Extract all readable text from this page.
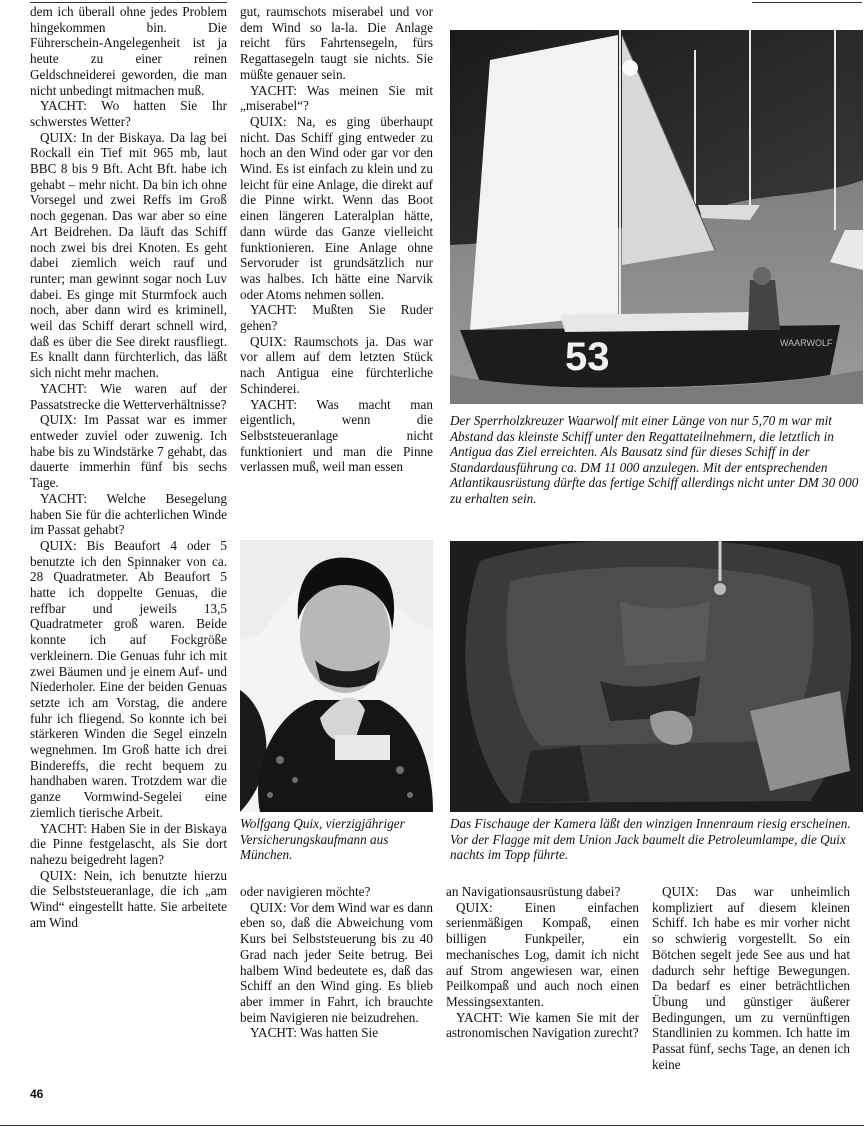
dem ich überall ohne jedes Problem hingekommen bin. Die Führerschein-Angelegenheit ist ja heute zu einer reinen Geldschneiderei geworden, die man nicht unbedingt mitmachen muß.

YACHT: Wo hatten Sie Ihr schwerstes Wetter?

QUIX: In der Biskaya. Da lag bei Rockall ein Tief mit 965 mb, laut BBC 8 bis 9 Bft. Acht Bft. habe ich gehabt – mehr nicht. Da bin ich ohne Vorsegel und zwei Reffs im Groß noch gegenan. Das war aber so eine Art Beidrehen. Da läuft das Schiff noch zwei bis drei Knoten. Es geht dabei ziemlich weich rauf und runter; man gewinnt sogar noch Luv dabei. Es ginge mit Sturmfock auch noch, aber dann wird es kriminell, weil das Schiff derart schnell wird, daß es über die See direkt rausfliegt. Es knallt dann fürchterlich, das läßt sich nicht mehr machen.

YACHT: Wie waren auf der Passatstrecke die Wetterverhältnisse?

QUIX: Im Passat war es immer entweder zuviel oder zuwenig. Ich habe bis zu Windstärke 7 gehabt, das dauerte immerhin fünf bis sechs Tage.

YACHT: Welche Besegelung haben Sie für die achterlichen Winde im Passat gehabt?

QUIX: Bis Beaufort 4 oder 5 benutzte ich den Spinnaker von ca. 28 Quadratmeter. Ab Beaufort 5 hatte ich doppelte Genuas, die reffbar und jeweils 13,5 Quadratmeter groß waren. Beide konnte ich auf Fockgröße verkleinern. Die Genuas fuhr ich mit zwei Bäumen und je einem Auf- und Niederholer. Eine der beiden Genuas setzte ich am Vorstag, die andere fuhr ich fliegend. So konnte ich bei stärkeren Winden die Segel einzeln wegnehmen. Im Groß hatte ich drei Bindereffs, die recht bequem zu handhaben waren. Trotzdem war die ganze Vormwind-Segelei eine ziemlich tierische Arbeit.

YACHT: Haben Sie in der Biskaya die Pinne festgelascht, als Sie dort nahezu beigedreht lagen?

QUIX: Nein, ich benutzte hierzu die Selbststeueranlage, die ich „am Wind“ eingestellt hatte. Sie arbeitete am Wind

gut, raumschots miserabel und vor dem Wind so la-la. Die Anlage reicht fürs Fahrtensegeln, fürs Regattasegeln taugt sie nichts. Sie müßte genauer sein.

YACHT: Was meinen Sie mit „miserabel“?

QUIX: Na, es ging überhaupt nicht. Das Schiff ging entweder zu hoch an den Wind oder gar vor den Wind. Es ist einfach zu klein und zu leicht für eine Anlage, die direkt auf die Pinne wirkt. Wenn das Boot einen längeren Lateralplan hätte, dann würde das Ganze vielleicht funktionieren. Eine Anlage ohne Servoruder ist grundsätzlich nur was halbes. Ich hätte eine Narvik oder Atoms nehmen sollen.

YACHT: Mußten Sie Ruder gehen?

QUIX: Raumschots ja. Das war vor allem auf dem letzten Stück nach Antigua eine fürchterliche Schinderei.

YACHT: Was macht man eigentlich, wenn die Selbststeueranlage nicht funktioniert und man die Pinne verlassen muß, weil man essen

53	WAARWOLF
Der Sperrholzkreuzer Waarwolf mit einer Länge von nur 5,70 m war mit Abstand das kleinste Schiff unter den Regattateilnehmern, die letztlich in Antigua das Ziel erreichten. Als Bausatz sind für dieses Schiff in der Standardausführung ca. DM 11 000 anzulegen. Mit der entsprechenden Atlantikausrüstung dürfte das fertige Schiff allerdings nicht unter DM 30 000 zu erhalten sein.
Wolfgang Quix, vierzigjähriger Versicherungskaufmann aus München.
Das Fischauge der Kamera läßt den winzigen Innenraum riesig erscheinen. Vor der Flagge mit dem Union Jack baumelt die Petroleumlampe, die Quix nachts im Topp führte.

oder navigieren möchte?

QUIX: Vor dem Wind war es dann eben so, daß die Abweichung vom Kurs bei Selbststeuerung bis zu 40 Grad nach jeder Seite betrug. Bei halbem Wind bedeutete es, daß das Schiff an den Wind ging. Es blieb aber immer in Fahrt, ich brauchte beim Navigieren nie beizudrehen.

YACHT: Was hatten Sie

an Navigationsausrüstung dabei?

QUIX: Einen einfachen serienmäßigen Kompaß, einen billigen Funkpeiler, ein mechanisches Log, damit ich nicht auf Strom angewiesen war, einen Peilkompaß und auch noch einen Messingsextanten.

YACHT: Wie kamen Sie mit der astronomischen Navigation zurecht?

QUIX: Das war unheimlich kompliziert auf diesem kleinen Schiff. Ich habe es mir vorher nicht so schwierig vorgestellt. So ein Bötchen segelt jede See aus und hat dadurch sehr heftige Bewegungen. Da bedarf es einer beträchtlichen Übung und günstiger äußerer Bedingungen, um zu vernünftigen Standlinien zu kommen. Ich hatte im Passat fünf, sechs Tage, an denen ich keine

46
